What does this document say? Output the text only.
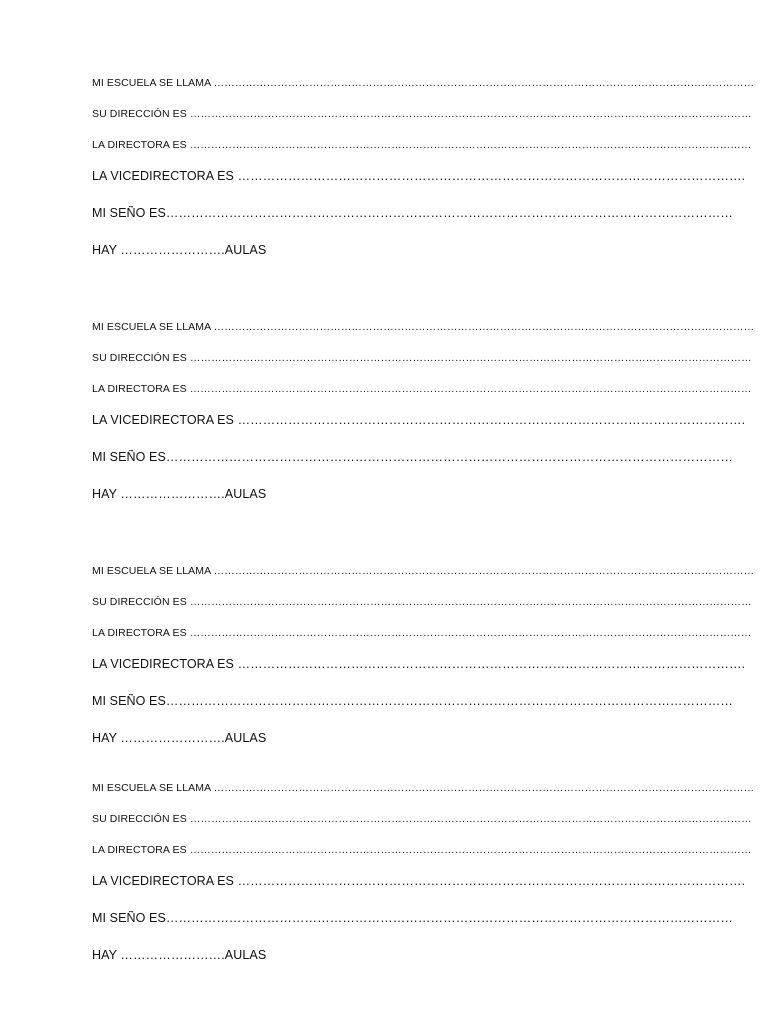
MI ESCUELA SE LLAMA ………………………………………………………………………………………………………………………………………
SU DIRECCIÓN ES ……………………………………………………………………………………………………………………………………………
LA DIRECTORA ES ……………………………………………………………………………………………………………………………………………
LA VICEDIRECTORA ES ………………………………………………………………………………………………………….
MI SEÑO ES………………………………………………………………………………………………………………………
HAY …………………….AULAS
MI ESCUELA SE LLAMA ………………………………………………………………………………………………………………………………………
SU DIRECCIÓN ES ……………………………………………………………………………………………………………………………………………
LA DIRECTORA ES ……………………………………………………………………………………………………………………………………………
LA VICEDIRECTORA ES ………………………………………………………………………………………………………….
MI SEÑO ES………………………………………………………………………………………………………………………
HAY …………………….AULAS
MI ESCUELA SE LLAMA ………………………………………………………………………………………………………………………………………
SU DIRECCIÓN ES ……………………………………………………………………………………………………………………………………………
LA DIRECTORA ES ……………………………………………………………………………………………………………………………………………
LA VICEDIRECTORA ES ………………………………………………………………………………………………………….
MI SEÑO ES………………………………………………………………………………………………………………………
HAY …………………….AULAS
MI ESCUELA SE LLAMA ………………………………………………………………………………………………………………………………………
SU DIRECCIÓN ES ……………………………………………………………………………………………………………………………………………
LA DIRECTORA ES ……………………………………………………………………………………………………………………………………………
LA VICEDIRECTORA ES ………………………………………………………………………………………………………….
MI SEÑO ES………………………………………………………………………………………………………………………
HAY …………………….AULAS
